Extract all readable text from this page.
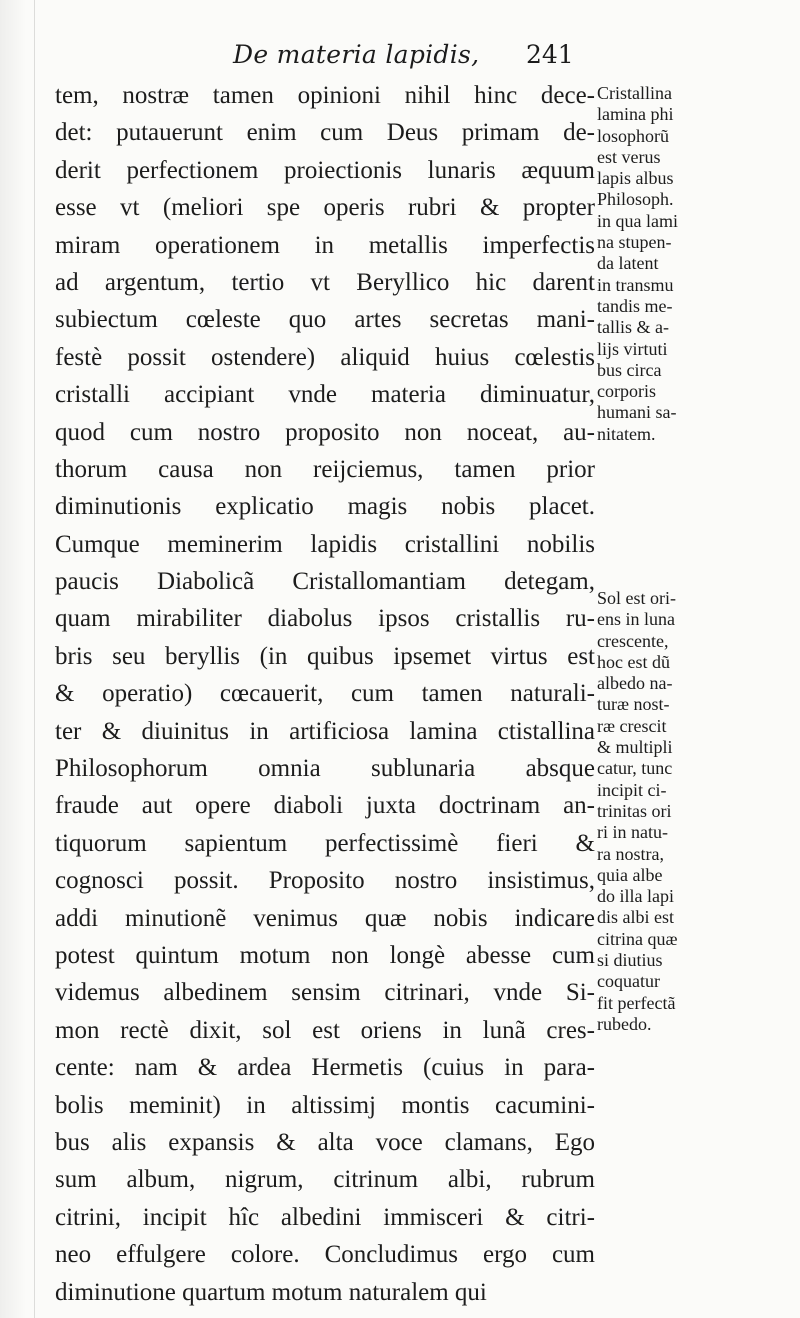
De materia lapidis, 241
tem, nostræ tamen opinioni nihil hinc dece-
det: putauerunt enim cum Deus primam de-
derit perfectionem proiectionis lunaris æquum
esse vt (meliori spe operis rubri & propter
miram operationem in metallis imperfectis
ad argentum, tertio vt Beryllico hic darent
subiectum cœleste quo artes secretas mani-
festè possit ostendere) aliquid huius cœlestis
cristalli accipiant vnde materia diminuatur,
quod cum nostro proposito non noceat, au-
thorum causa non reijciemus, tamen prior
diminutionis explicatio magis nobis placet.
Cumque meminerim lapidis cristallini nobilis
paucis Diabolicã Cristallomantiam detegam,
quam mirabiliter diabolus ipsos cristallis ru-
bris seu beryllis (in quibus ipsemet virtus est
& operatio) cœcauerit, cum tamen naturali-
ter & diuinitus in artificiosa lamina ctistallina
Philosophorum omnia sublunaria absque
fraude aut opere diaboli juxta doctrinam an-
tiquorum sapientum perfectissimè fieri &
cognosci possit. Proposito nostro insistimus,
addi minutionẽ venimus quæ nobis indicare
potest quintum motum non longè abesse cum
videmus albedinem sensim citrinari, vnde Si-
mon rectè dixit, sol est oriens in lunã cres-
cente: nam & ardea Hermetis (cuius in para-
bolis meminit) in altissimj montis cacumini-
bus alis expansis & alta voce clamans, Ego
sum album, nigrum, citrinum albi, rubrum
citrini, incipit hîc albedini immisceri & citri-
neo effulgere colore. Concludimus ergo cum
diminutione quartum motum naturalem qui
Cristallina
lamina phi
losophorũ
est verus
lapis albus
Philosoph.
in qua lami
na stupen-
da latent
in transmu
tandis me-
tallis & a-
lijs virtuti
bus circa
corporis
humani sa-
nitatem.
Sol est ori-
ens in luna
crescente,
hoc est dũ
albedo na-
turæ nost-
ræ crescit
& multipli
catur, tunc
incipit ci-
trinitas ori
ri in natu-
ra nostra,
quia albe
do illa lapi
dis albi est
citrina quæ
si diutius
coquatur
fit perfectã
rubedo.
